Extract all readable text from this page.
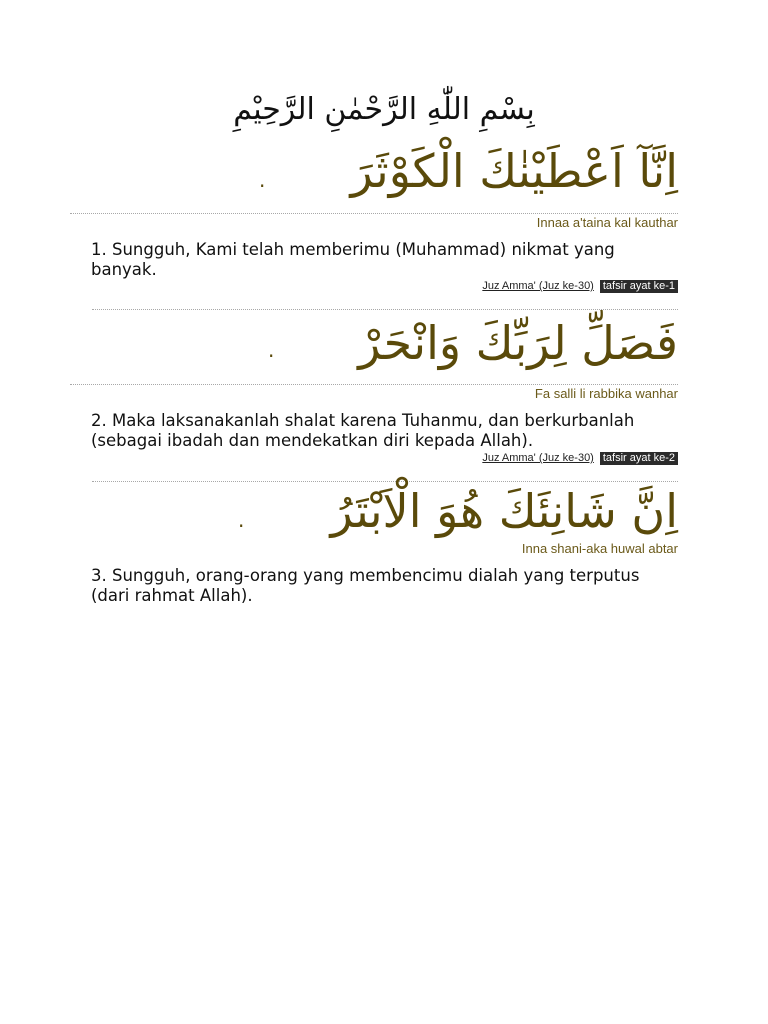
بِسْمِ اللّٰهِ الرَّحْمٰنِ الرَّحِيْمِ
اِنَّآ اَعْطَيْنٰكَ الْكَوْثَرَ
.
Innaa a'taina kal kauthar
1. Sungguh, Kami telah memberimu (Muhammad) nikmat yang banyak.
Juz Amma' (Juz ke-30) tafsir ayat ke-1
فَصَلِّ لِرَبِّكَ وَانْحَرْ
.
Fa salli li rabbika wanhar
2. Maka laksanakanlah shalat karena Tuhanmu, dan berkurbanlah (sebagai ibadah dan mendekatkan diri kepada Allah).
Juz Amma' (Juz ke-30) tafsir ayat ke-2
اِنَّ شَانِئَكَ هُوَ الْاَبْتَرُ
.
Inna shani-aka huwal abtar
3. Sungguh, orang-orang yang membencimu dialah yang terputus (dari rahmat Allah).
